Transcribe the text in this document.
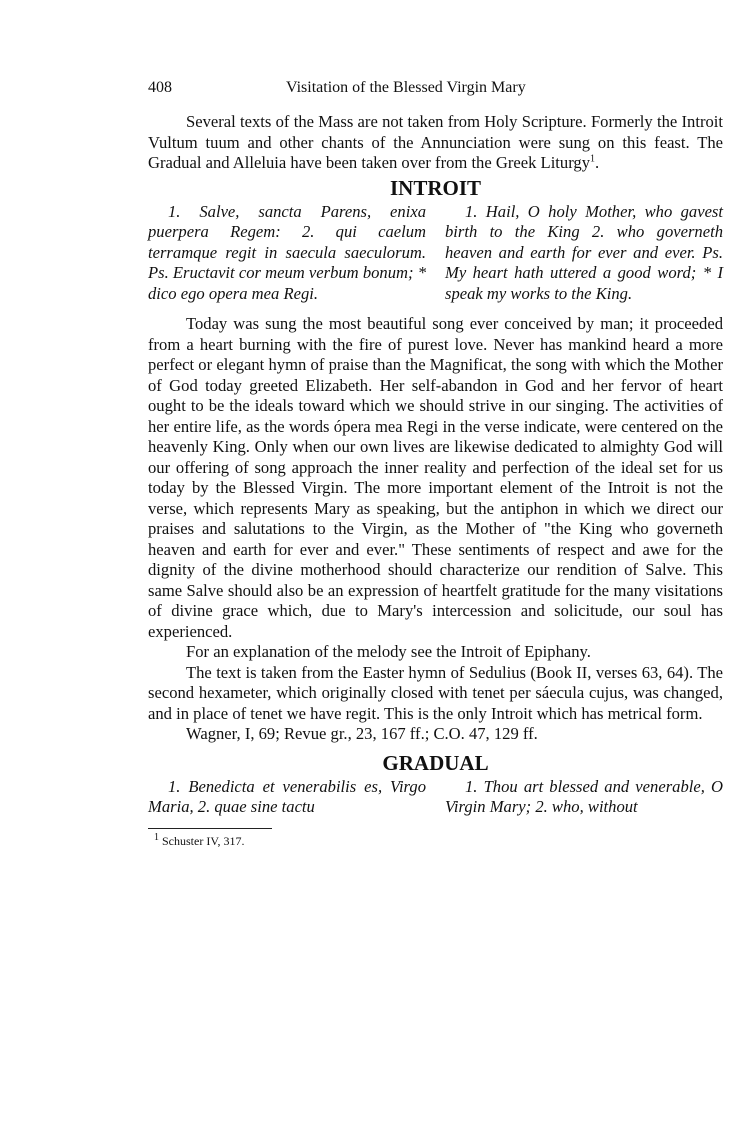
408	Visitation of the Blessed Virgin Mary

Several texts of the Mass are not taken from Holy Scripture. Formerly the Introit Vultum tuum and other chants of the Annunciation were sung on this feast. The Gradual and Alleluia have been taken over from the Greek Liturgy$^1$.

INTROIT

1. Salve, sancta Parens, enixa puerpera Regem: 2. qui caelum terramque regit in saecula saeculorum. Ps. Eructavit cor meum verbum bonum; * dico ego opera mea Regi.

1. Hail, O holy Mother, who gavest birth to the King 2. who governeth heaven and earth for ever and ever. Ps. My heart hath uttered a good word; * I speak my works to the King.

Today was sung the most beautiful song ever conceived by man; it proceeded from a heart burning with the fire of purest love. Never has mankind heard a more perfect or elegant hymn of praise than the Magnificat, the song with which the Mother of God today greeted Elizabeth. Her self-abandon in God and her fervor of heart ought to be the ideals toward which we should strive in our singing. The activities of her entire life, as the words ópera mea Regi in the verse indicate, were centered on the heavenly King. Only when our own lives are likewise dedicated to almighty God will our offering of song approach the inner reality and perfection of the ideal set for us today by the Blessed Virgin. The more important element of the Introit is not the verse, which represents Mary as speaking, but the antiphon in which we direct our praises and salutations to the Virgin, as the Mother of "the King who governeth heaven and earth for ever and ever." These sentiments of respect and awe for the dignity of the divine motherhood should characterize our rendition of Salve. This same Salve should also be an expression of heartfelt gratitude for the many visitations of divine grace which, due to Mary's intercession and solicitude, our soul has experienced.

For an explanation of the melody see the Introit of Epiphany.

The text is taken from the Easter hymn of Sedulius (Book II, verses 63, 64). The second hexameter, which originally closed with tenet per sáecula cujus, was changed, and in place of tenet we have regit. This is the only Introit which has metrical form.

Wagner, I, 69; Revue gr., 23, 167 ff.; C.O. 47, 129 ff.

GRADUAL

1. Benedicta et venerabilis es, Virgo Maria, 2. quae sine tactu

1. Thou art blessed and venerable, O Virgin Mary; 2. who, without

$^1$ Schuster IV, 317.
